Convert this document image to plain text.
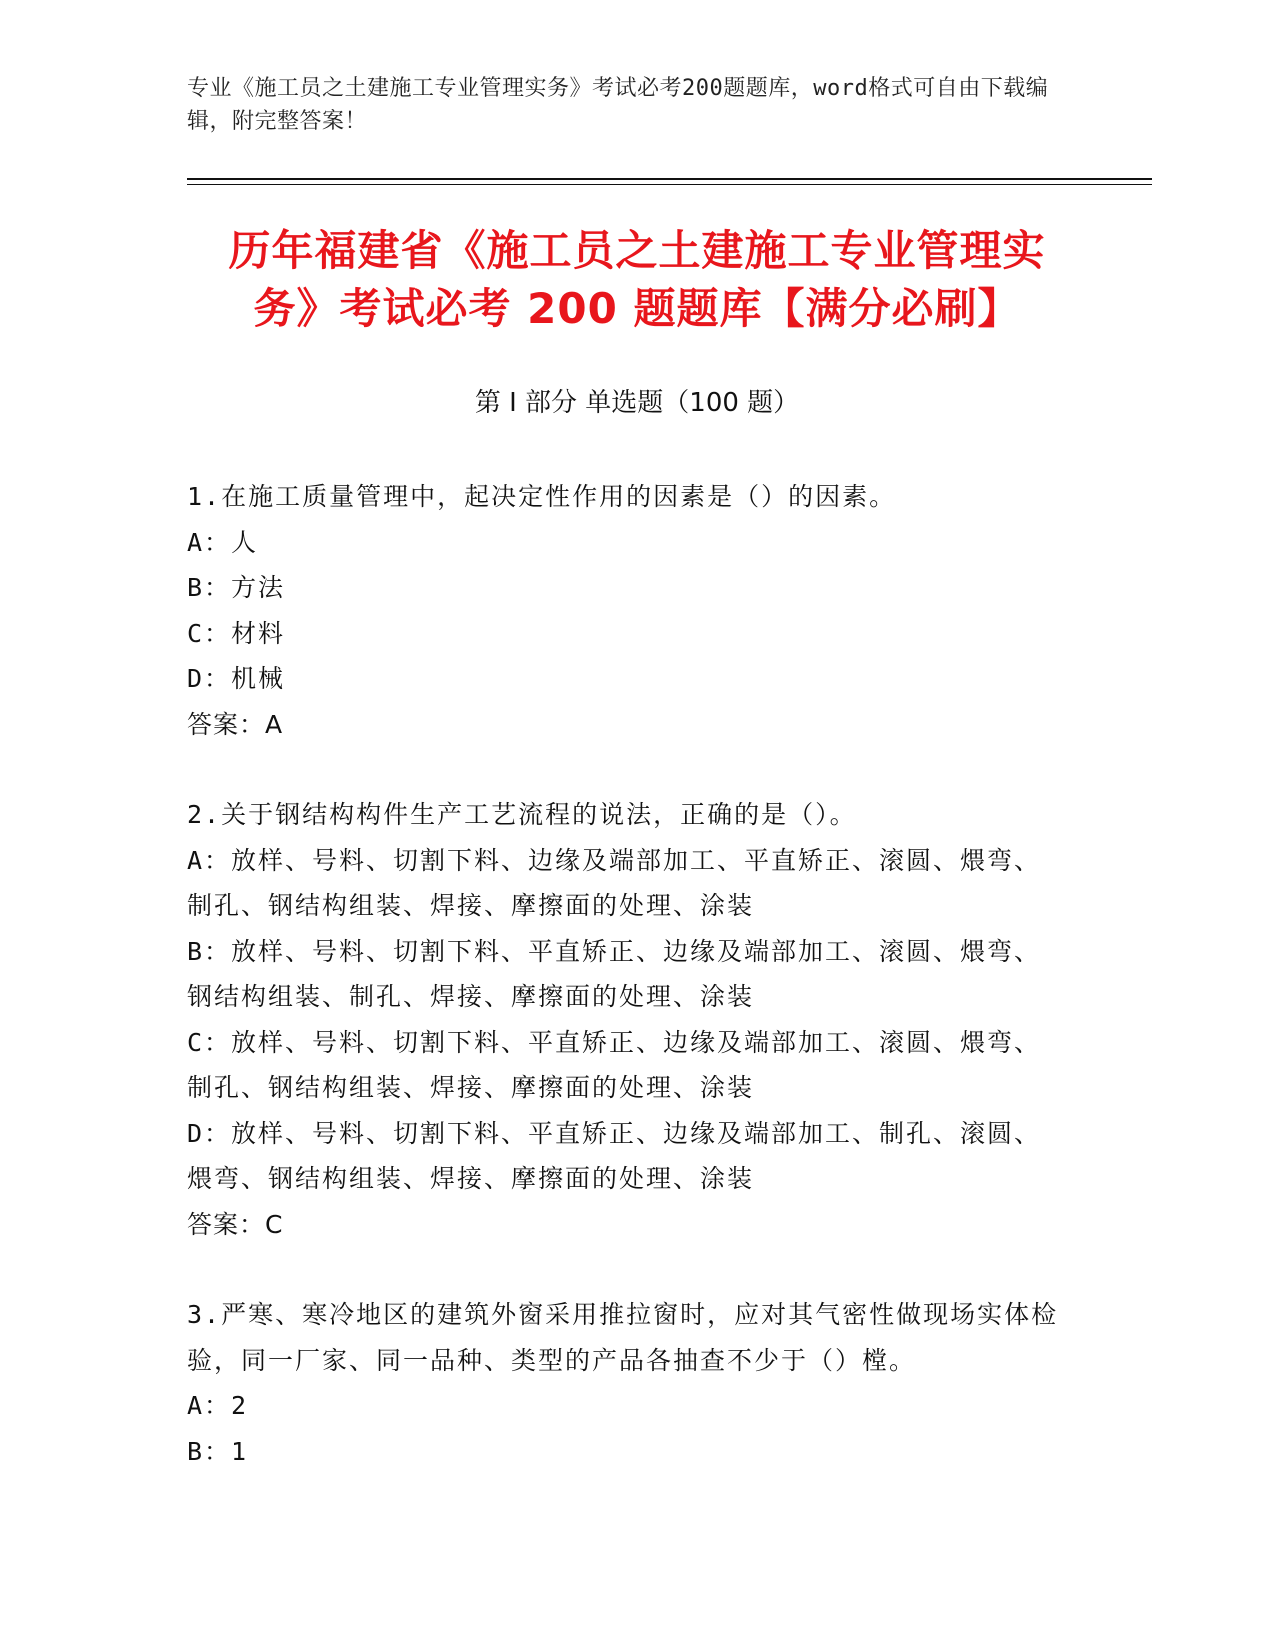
专业《施工员之土建施工专业管理实务》考试必考200题题库，word格式可自由下载编辑，附完整答案！
历年福建省《施工员之土建施工专业管理实
务》考试必考 200 题题库【满分必刷】
第 I 部分 单选题（100 题）

1.在施工质量管理中，起决定性作用的因素是（）的因素。

A：人

B：方法

C：材料

D：机械

答案：A

2.关于钢结构构件生产工艺流程的说法，正确的是（）。

A：放样、号料、切割下料、边缘及端部加工、平直矫正、滚圆、煨弯、制孔、钢结构组装、焊接、摩擦面的处理、涂装

B：放样、号料、切割下料、平直矫正、边缘及端部加工、滚圆、煨弯、钢结构组装、制孔、焊接、摩擦面的处理、涂装

C：放样、号料、切割下料、平直矫正、边缘及端部加工、滚圆、煨弯、制孔、钢结构组装、焊接、摩擦面的处理、涂装

D：放样、号料、切割下料、平直矫正、边缘及端部加工、制孔、滚圆、煨弯、钢结构组装、焊接、摩擦面的处理、涂装

答案：C

3.严寒、寒冷地区的建筑外窗采用推拉窗时，应对其气密性做现场实体检验，同一厂家、同一品种、类型的产品各抽查不少于（）樘。

A：2

B：1
